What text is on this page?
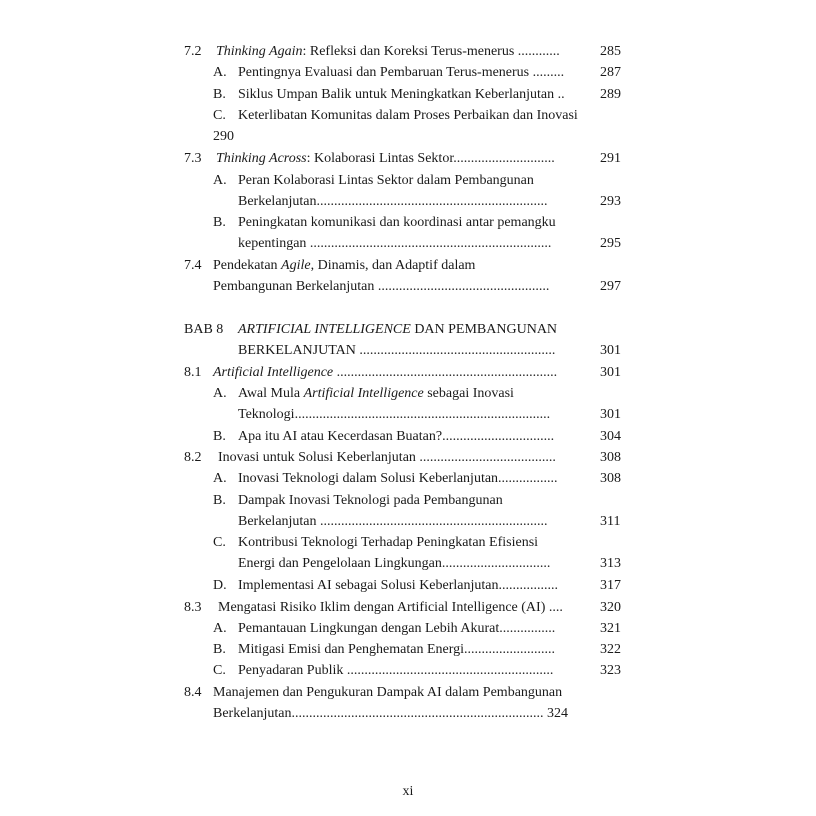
7.2 Thinking Again: Refleksi dan Koreksi Terus-menerus ............	285
A. Pentingnya Evaluasi dan Pembaruan Terus-menerus .........	287
B. Siklus Umpan Balik untuk Meningkatkan Keberlanjutan ..	289
C. Keterlibatan Komunitas dalam Proses Perbaikan dan Inovasi
290
7.3 Thinking Across: Kolaborasi Lintas Sektor.............................	291
A. Peran Kolaborasi Lintas Sektor dalam Pembangunan
Berkelanjutan..................................................................	293
B. Peningkatan komunikasi dan koordinasi antar pemangku
kepentingan .....................................................................	295
7.4 Pendekatan Agile, Dinamis, dan Adaptif dalam
Pembangunan Berkelanjutan .................................................	297
BAB 8 ARTIFICIAL INTELLIGENCE DAN PEMBANGUNAN
BERKELANJUTAN ........................................................	301
8.1 Artificial Intelligence ...............................................................	301
A. Awal Mula Artificial Intelligence sebagai Inovasi
Teknologi.........................................................................	301
B. Apa itu AI atau Kecerdasan Buatan?................................	304
8.2 Inovasi untuk Solusi Keberlanjutan .......................................	308
A. Inovasi Teknologi dalam Solusi Keberlanjutan.................	308
B. Dampak Inovasi Teknologi pada Pembangunan
Berkelanjutan .................................................................	311
C. Kontribusi Teknologi Terhadap Peningkatan Efisiensi
Energi dan Pengelolaan Lingkungan...............................	313
D. Implementasi AI sebagai Solusi Keberlanjutan.................	317
8.3 Mengatasi Risiko Iklim dengan Artificial Intelligence (AI) ....	320
A. Pemantauan Lingkungan dengan Lebih Akurat................	321
B. Mitigasi Emisi dan Penghematan Energi..........................	322
C. Penyadaran Publik ...........................................................	323
8.4 Manajemen dan Pengukuran Dampak AI dalam Pembangunan
Berkelanjutan........................................................................ 324
xi
